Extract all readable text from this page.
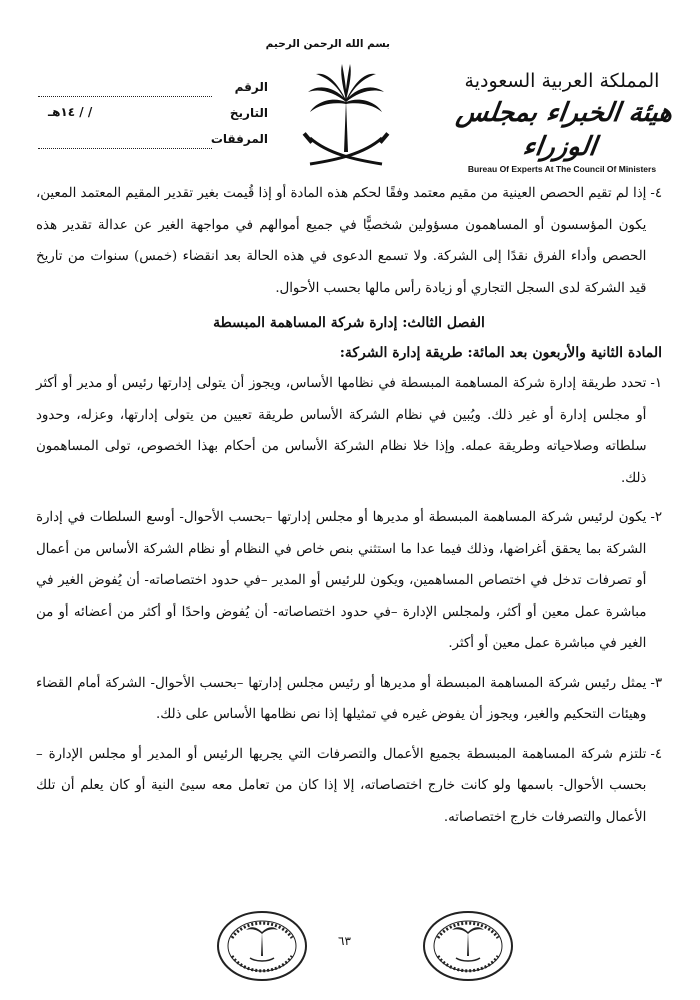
المملكة العربية السعودية
هيئة الخبراء بمجلس الوزراء
Bureau Of Experts At The Council Of Ministers
بسم الله الرحمن الرحيم
الرقم
التاريخ
/ / ١٤هـ
المرفقات
٤-
إذا لم تقيم الحصص العينية من مقيم معتمد وفقًا لحكم هذه المادة أو إذا قُيمت بغير تقدير المقيم المعتمد المعين، يكون المؤسسون أو المساهمون مسؤولين شخصيًّا في جميع أموالهم في مواجهة الغير عن عدالة تقدير هذه الحصص وأداء الفرق نقدًا إلى الشركة. ولا تسمع الدعوى في هذه الحالة بعد انقضاء (خمس) سنوات من تاريخ قيد الشركة لدى السجل التجاري أو زيادة رأس مالها بحسب الأحوال.
الفصل الثالث: إدارة شركة المساهمة المبسطة
المادة الثانية والأربعون بعد المائة: طريقة إدارة الشركة:
١-
تحدد طريقة إدارة شركة المساهمة المبسطة في نظامها الأساس، ويجوز أن يتولى إدارتها رئيس أو مدير أو أكثر أو مجلس إدارة أو غير ذلك. ويُبين في نظام الشركة الأساس طريقة تعيين من يتولى إدارتها، وعزله، وحدود سلطاته وصلاحياته وطريقة عمله. وإذا خلا نظام الشركة الأساس من أحكام بهذا الخصوص، تولى المساهمون ذلك.
٢-
يكون لرئيس شركة المساهمة المبسطة أو مديرها أو مجلس إدارتها –بحسب الأحوال- أوسع السلطات في إدارة الشركة بما يحقق أغراضها، وذلك فيما عدا ما استثني بنص خاص في النظام أو نظام الشركة الأساس من أعمال أو تصرفات تدخل في اختصاص المساهمين، ويكون للرئيس أو المدير –في حدود اختصاصاته- أن يُفوض الغير في مباشرة عمل معين أو أكثر، ولمجلس الإدارة –في حدود اختصاصاته- أن يُفوض واحدًا أو أكثر من أعضائه أو من الغير في مباشرة عمل معين أو أكثر.
٣-
يمثل رئيس شركة المساهمة المبسطة أو مديرها أو رئيس مجلس إدارتها –بحسب الأحوال- الشركة أمام القضاء وهيئات التحكيم والغير، ويجوز أن يفوض غيره في تمثيلها إذا نص نظامها الأساس على ذلك.
٤-
تلتزم شركة المساهمة المبسطة بجميع الأعمال والتصرفات التي يجريها الرئيس أو المدير أو مجلس الإدارة –بحسب الأحوال- باسمها ولو كانت خارج اختصاصاته، إلا إذا كان من تعامل معه سيئ النية أو كان يعلم أن تلك الأعمال والتصرفات خارج اختصاصاته.
٦٣
